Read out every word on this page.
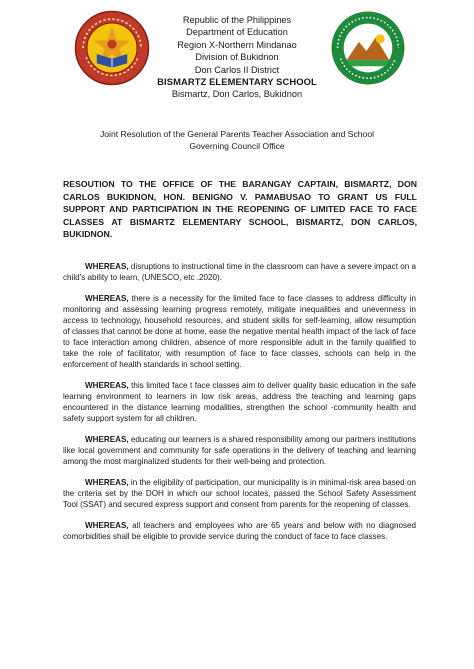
Republic of the Philippines
Department of Education
Region X-Northern Mindanao
Division of Bukidnon
Don Carlos II District
BISMARTZ ELEMENTARY SCHOOL
Bismartz, Don Carlos, Bukidnon
Joint Resolution of the General Parents Teacher Association and School
Governing Council Office
RESOUTION TO THE OFFICE OF THE BARANGAY CAPTAIN, BISMARTZ, DON CARLOS BUKIDNON, HON. BENIGNO V. PAMABUSAO TO GRANT US FULL SUPPORT AND PARTICIPATION IN THE REOPENING OF LIMITED FACE TO FACE CLASSES AT BISMARTZ ELEMENTARY SCHOOL, BISMARTZ, DON CARLOS, BUKIDNON.

WHEREAS, disruptions to instructional time in the classroom can have a severe impact on a child's ability to learn, (UNESCO, etc .2020).

WHEREAS, there is a necessity for the limited face to face classes to address difficulty in monitoring and assessing learning progress remotely, mitigate inequalities and unevenness in access to technology, household resources, and student skills for self-learning, allow resumption of classes that cannot be done at home, ease the negative mental health impact of the lack of face to face interaction among children, absence of more responsible adult in the family qualified to take the role of facilitator, with resumption of face to face classes, schools can help in the enforcement of health standards in school setting.

WHEREAS, this limited face t face classes aim to deliver quality basic education in the safe learning environment to learners in low risk areas, address the teaching and learning gaps encountered in the distance learning modalities, strengthen the school -community health and safety support system for all children.

WHEREAS, educating our learners is a shared responsibility among our partners institutions like local government and community for safe operations in the delivery of teaching and learning among the most marginalized students for their well-being and protection.

WHEREAS, in the eligibility of participation, our municipality is in minimal-risk area based on the criteria set by the DOH in which our school locates, passed the School Safety Assessment Tool (SSAT) and secured express support and consent from parents for the reopening of classes.

WHEREAS, all teachers and employees who are 65 years and below with no diagnosed comorbidities shall be eligible to provide service during the conduct of face to face classes.
